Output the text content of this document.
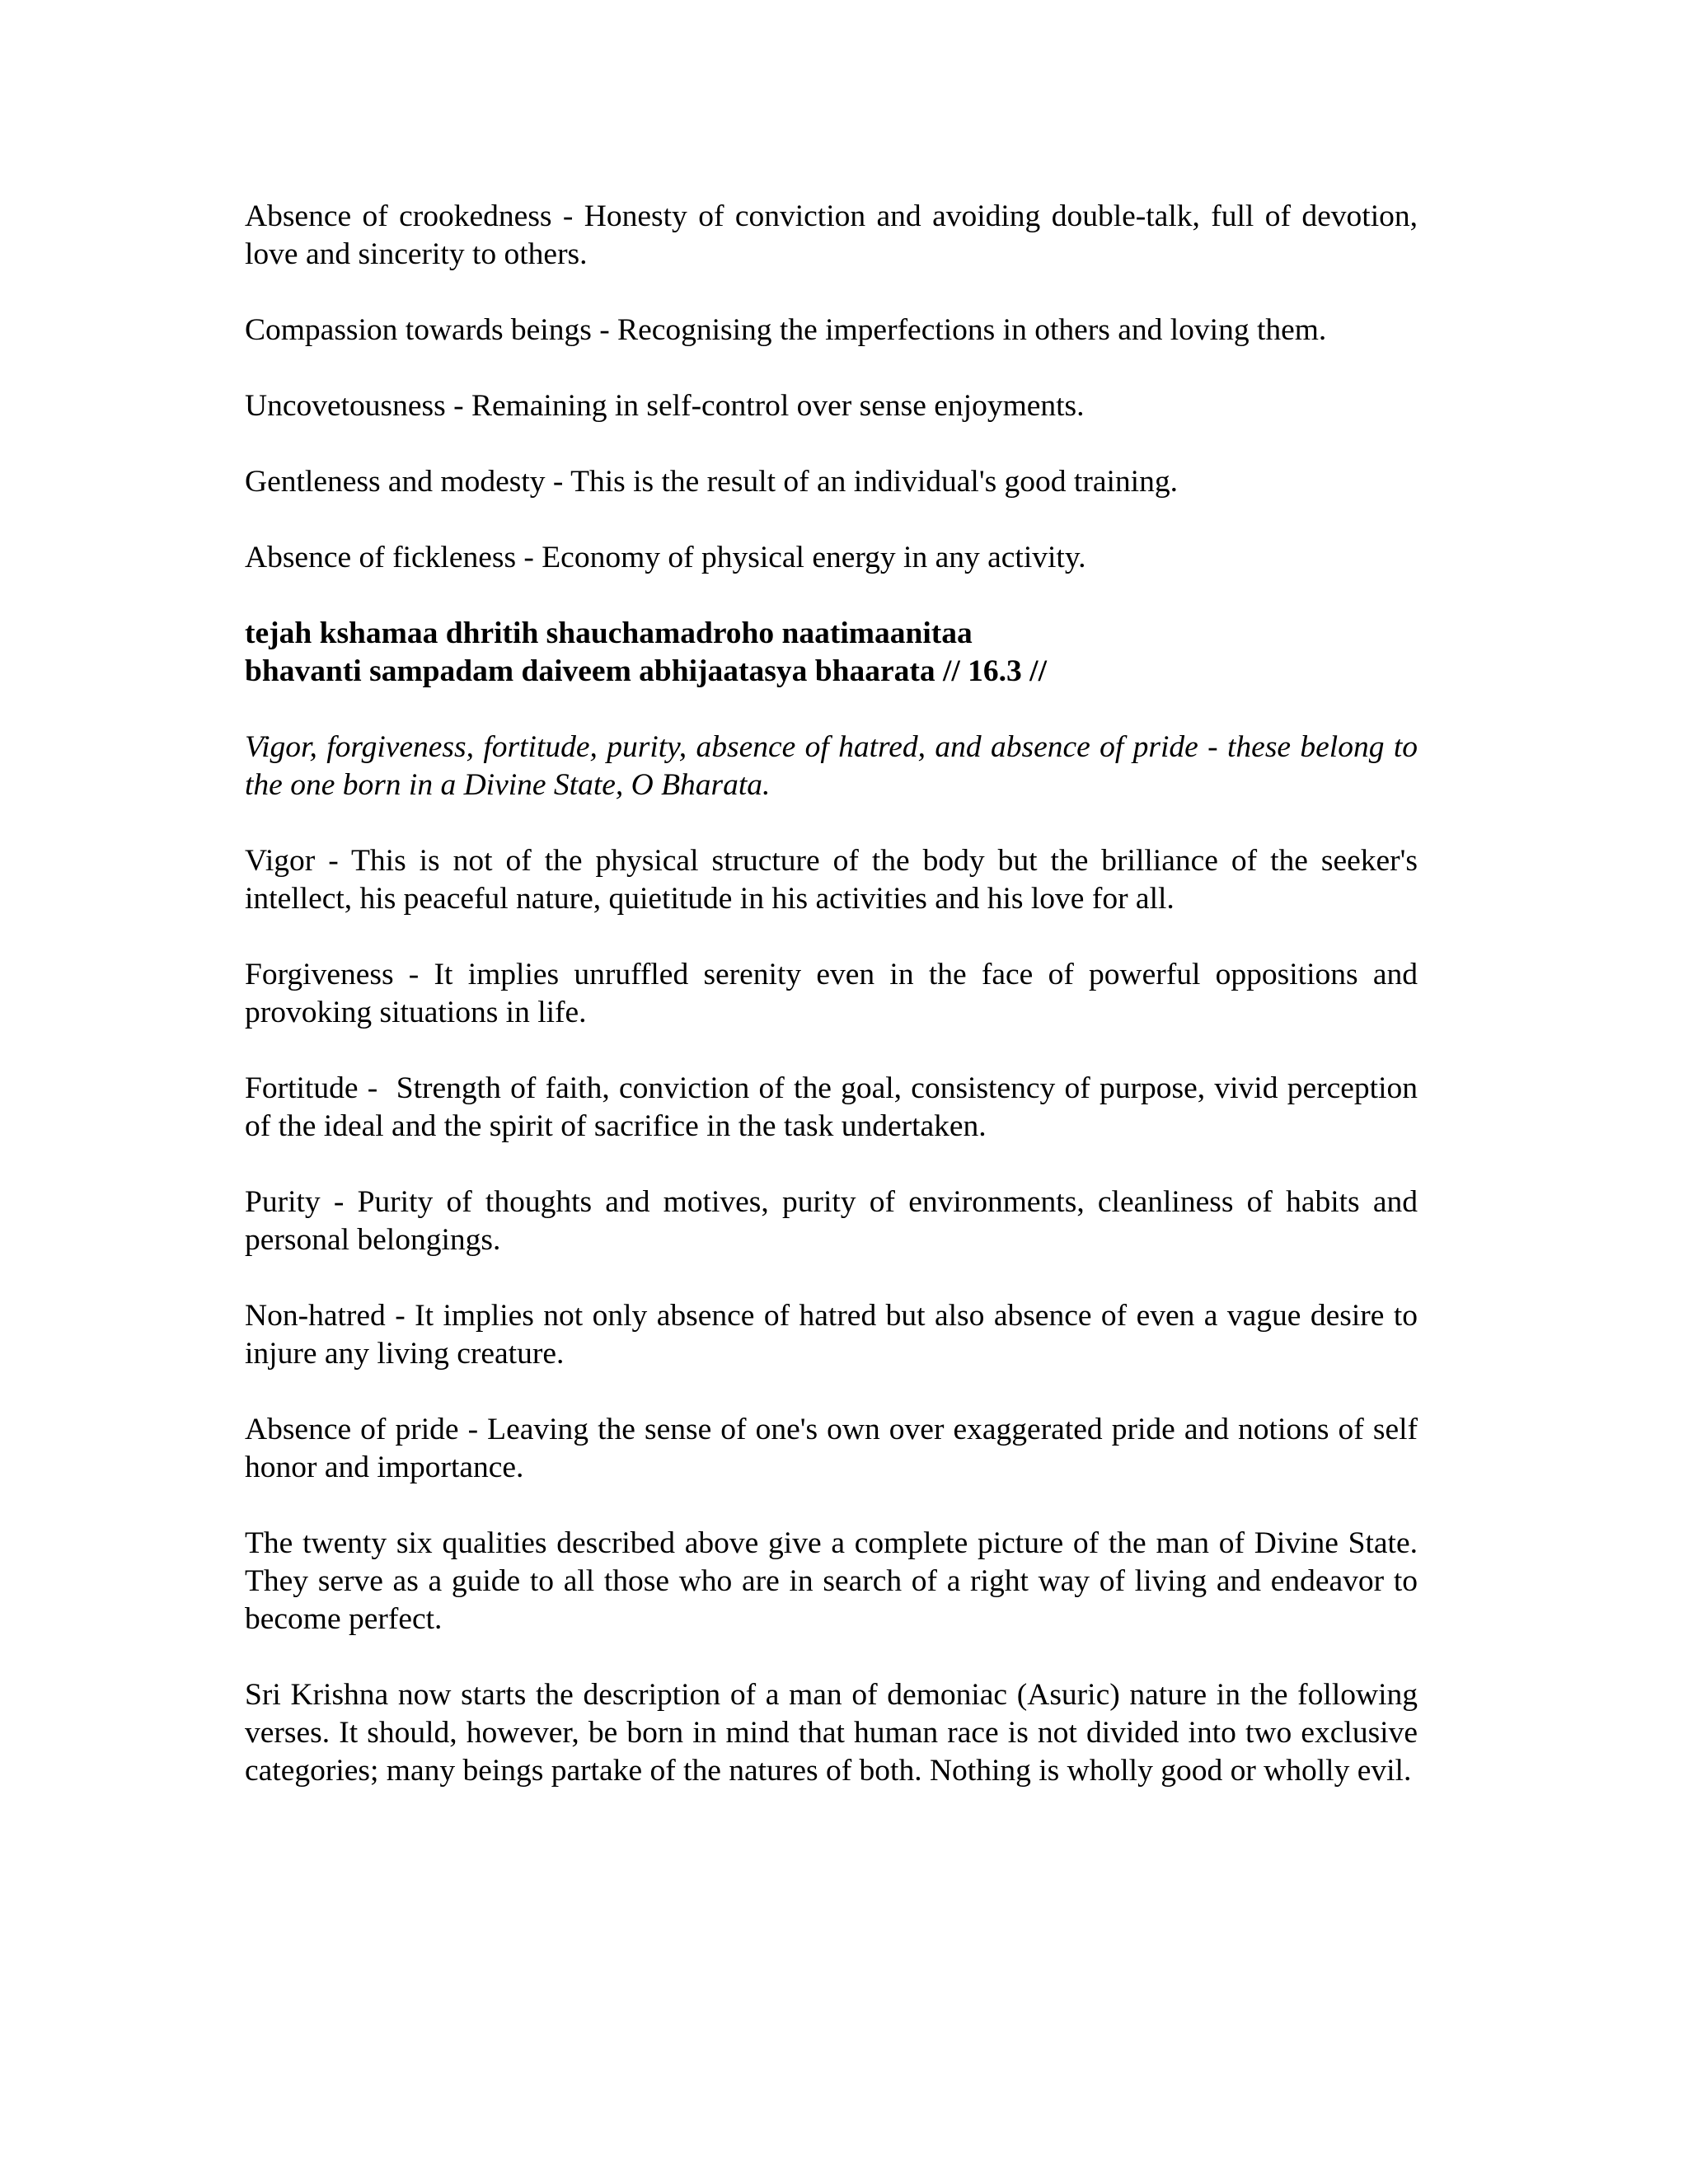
Absence of crookedness - Honesty of conviction and avoiding double-talk, full of devotion, love and sincerity to others.

Compassion towards beings - Recognising the imperfections in others and loving them.

Uncovetousness - Remaining in self-control over sense enjoyments.

Gentleness and modesty - This is the result of an individual's good training.

Absence of fickleness - Economy of physical energy in any activity.

tejah kshamaa dhritih shauchamadroho naatimaanitaa
bhavanti sampadam daiveem abhijaatasya bhaarata // 16.3 //

Vigor, forgiveness, fortitude, purity, absence of hatred, and absence of pride - these belong to the one born in a Divine State, O Bharata.

Vigor - This is not of the physical structure of the body but the brilliance of the seeker's intellect, his peaceful nature, quietitude in his activities and his love for all.

Forgiveness - It implies unruffled serenity even in the face of powerful oppositions and provoking situations in life.

Fortitude -  Strength of faith, conviction of the goal, consistency of purpose, vivid perception of the ideal and the spirit of sacrifice in the task undertaken.

Purity - Purity of thoughts and motives, purity of environments, cleanliness of habits and personal belongings.

Non-hatred - It implies not only absence of hatred but also absence of even a vague desire to injure any living creature.

Absence of pride - Leaving the sense of one's own over exaggerated pride and notions of self honor and importance.

The twenty six qualities described above give a complete picture of the man of Divine State. They serve as a guide to all those who are in search of a right way of living and endeavor to become perfect.

Sri Krishna now starts the description of a man of demoniac (Asuric) nature in the following verses. It should, however, be born in mind that human race is not divided into two exclusive categories; many beings partake of the natures of both. Nothing is wholly good or wholly evil.
